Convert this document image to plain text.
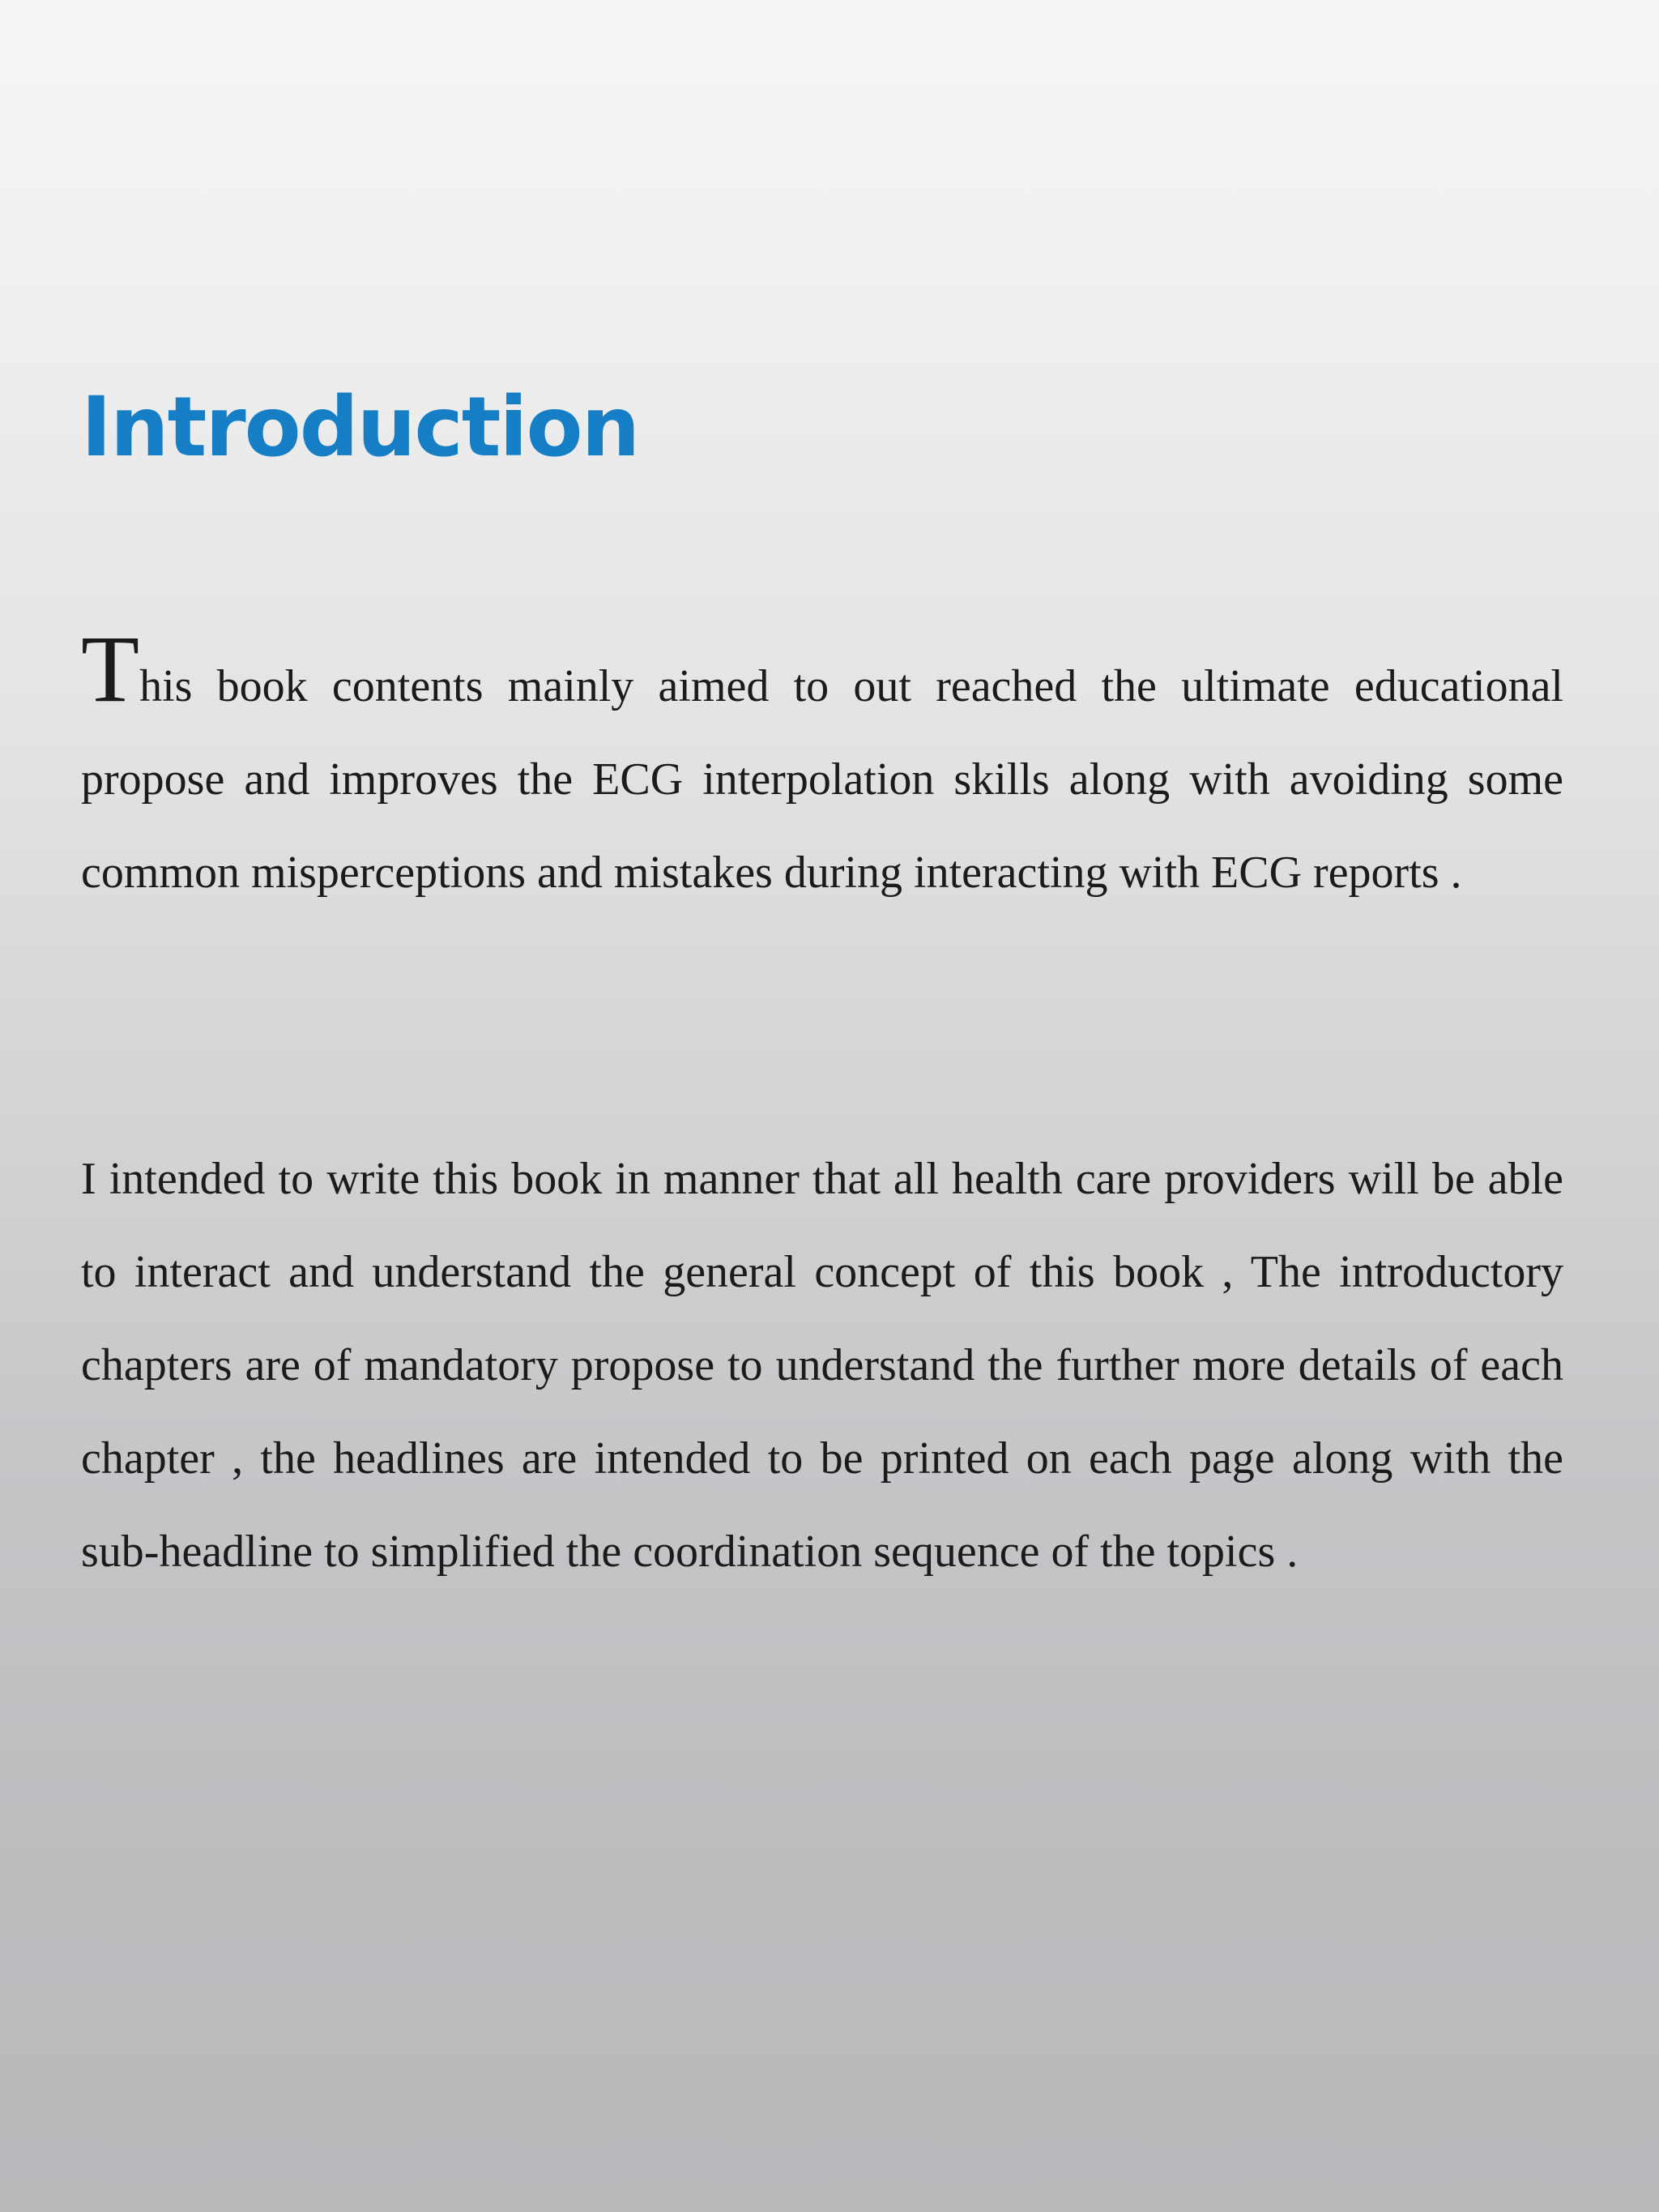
Introduction

This book contents mainly aimed to out reached the ultimate educational propose and improves the ECG interpolation skills along with avoiding some common misperceptions and mistakes during interacting with ECG reports .

I intended to write this book in manner that all health care providers will be able to interact and understand the general concept of this book , The introductory chapters are of mandatory propose to understand the further more details of each chapter , the headlines are intended to be printed on each page along with the sub-headline to simplified the coordination sequence of the topics .
